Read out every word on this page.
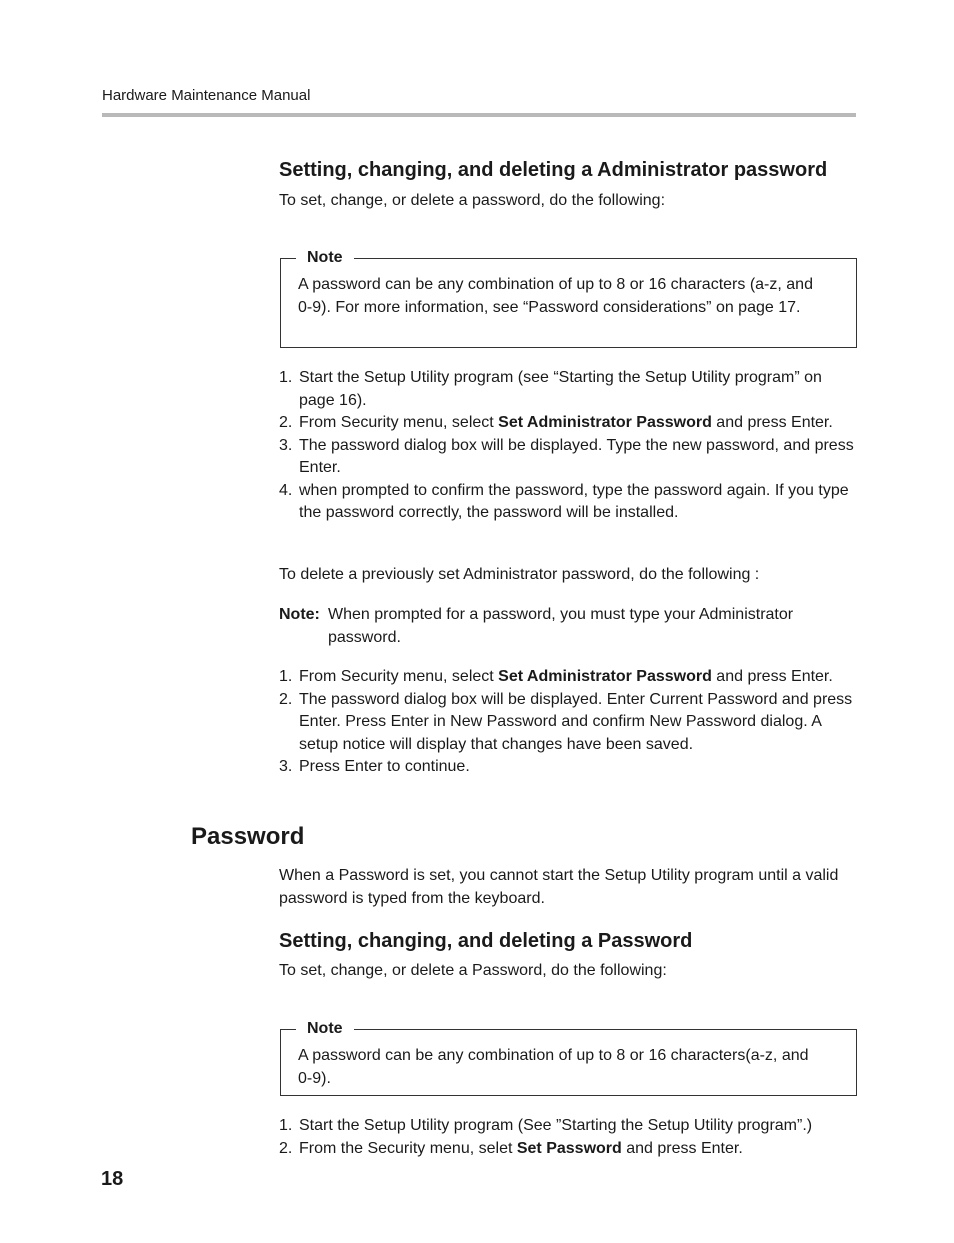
Hardware Maintenance Manual
Setting, changing, and deleting a Administrator password

To set, change, or delete a password, do the following:

Note

A password can be any combination of up to 8 or 16 characters (a-z, and 0-9). For more information, see “Password considerations” on page 17.

1. Start the Setup Utility program (see “Starting the Setup Utility program” on page 16).
2. From Security menu, select Set Administrator Password and press Enter.
3. The password dialog box will be displayed. Type the new password, and press Enter.
4. when prompted to confirm the password, type the password again. If you type the password correctly, the password will be installed.

To delete a previously set Administrator password, do the following :

Note: When prompted for a password, you must type your Administrator password.
1. From Security menu, select Set Administrator Password and press Enter.
2. The password dialog box will be displayed. Enter Current Password and press Enter. Press Enter in New Password and confirm New Password dialog. A setup notice will display that changes have been saved.
3. Press Enter to continue.
Password

When a Password is set, you cannot start the Setup Utility program until a valid password is typed from the keyboard.

Setting, changing, and deleting a Password

To set, change, or delete a Password, do the following:

Note

A password can be any combination of up to 8 or 16 characters(a-z, and 0-9).

1. Start the Setup Utility program (See ”Starting the Setup Utility program”.)
2. From the Security menu, selet Set Password and press Enter.
18
